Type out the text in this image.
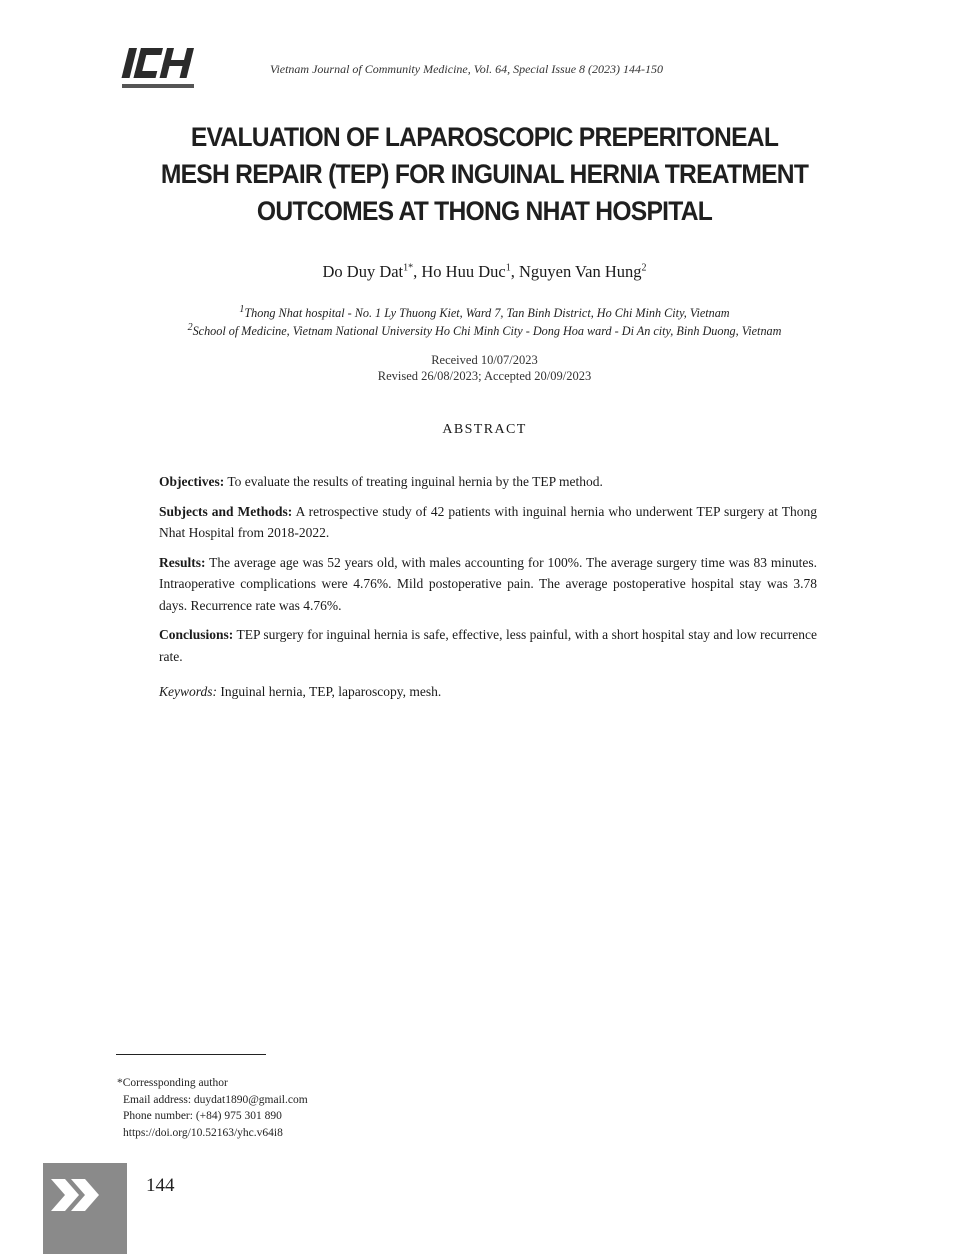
Vietnam Journal of Community Medicine, Vol. 64, Special Issue 8 (2023) 144-150
EVALUATION OF LAPAROSCOPIC PREPERITONEAL
MESH REPAIR (TEP) FOR INGUINAL HERNIA TREATMENT
OUTCOMES AT THONG NHAT HOSPITAL
Do Duy Dat$^{1*}$, Ho Huu Duc$^1$, Nguyen Van Hung$^2$
$^1$Thong Nhat hospital - No. 1 Ly Thuong Kiet, Ward 7, Tan Binh District, Ho Chi Minh City, Vietnam
$^2$School of Medicine, Vietnam National University Ho Chi Minh City - Dong Hoa ward - Di An city, Binh Duong, Vietnam
Received 10/07/2023
Revised 26/08/2023; Accepted 20/09/2023
ABSTRACT

Objectives: To evaluate the results of treating inguinal hernia by the TEP method.

Subjects and Methods: A retrospective study of 42 patients with inguinal hernia who underwent TEP surgery at Thong Nhat Hospital from 2018-2022.

Results: The average age was 52 years old, with males accounting for 100%. The average surgery time was 83 minutes. Intraoperative complications were 4.76%. Mild postoperative pain. The average postoperative hospital stay was 3.78 days. Recurrence rate was 4.76%.

Conclusions: TEP surgery for inguinal hernia is safe, effective, less painful, with a short hospital stay and low recurrence rate.

Keywords: Inguinal hernia, TEP, laparoscopy, mesh.

*Corressponding author
Email address: duydat1890@gmail.com
Phone number: (+84) 975 301 890
https://doi.org/10.52163/yhc.v64i8
144
